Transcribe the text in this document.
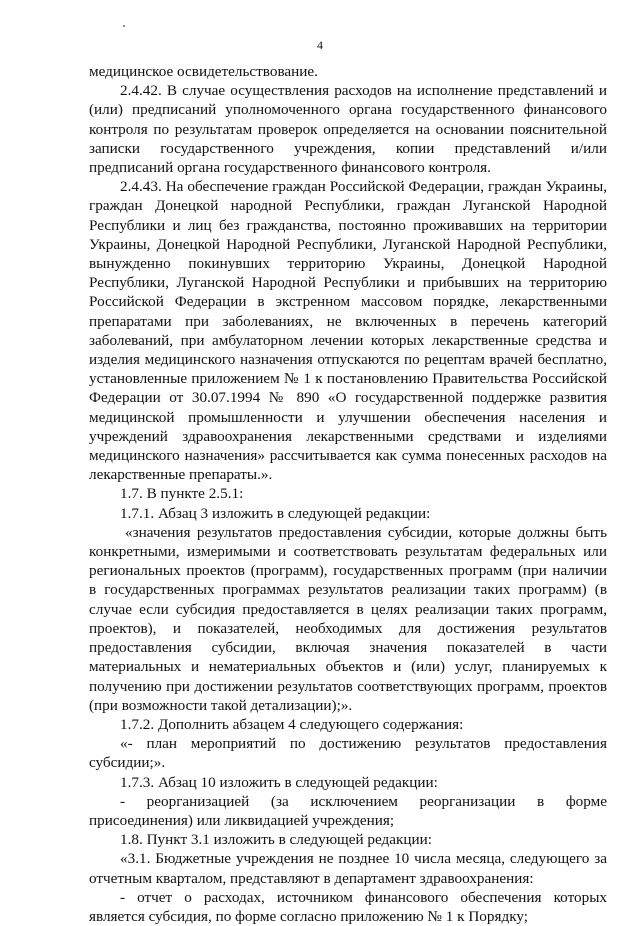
4

медицинское освидетельствование.

2.4.42. В случае осуществления расходов на исполнение представлений и (или) предписаний уполномоченного органа государственного финансового контроля по результатам проверок определяется на основании пояснительной записки государственного учреждения, копии представлений и/или предписаний органа государственного финансового контроля.

2.4.43. На обеспечение граждан Российской Федерации, граждан Украины, граждан Донецкой народной Республики, граждан Луганской Народной Республики и лиц без гражданства, постоянно проживавших на территории Украины, Донецкой Народной Республики, Луганской Народной Республики, вынужденно покинувших территорию Украины, Донецкой Народной Республики, Луганской Народной Республики и прибывших на территорию Российской Федерации в экстренном массовом порядке, лекарственными препаратами при заболеваниях, не включенных в перечень категорий заболеваний, при амбулаторном лечении которых лекарственные средства и изделия медицинского назначения отпускаются по рецептам врачей бесплатно, установленные приложением № 1 к постановлению Правительства Российской Федерации от 30.07.1994 № 890 «О государственной поддержке развития медицинской промышленности и улучшении обеспечения населения и учреждений здравоохранения лекарственными средствами и изделиями медицинского назначения» рассчитывается как сумма понесенных расходов на лекарственные препараты.».

1.7. В пункте 2.5.1:

1.7.1. Абзац 3 изложить в следующей редакции:

«значения результатов предоставления субсидии, которые должны быть конкретными, измеримыми и соответствовать результатам федеральных или региональных проектов (программ), государственных программ (при наличии в государственных программах результатов реализации таких программ) (в случае если субсидия предоставляется в целях реализации таких программ, проектов), и показателей, необходимых для достижения результатов предоставления субсидии, включая значения показателей в части материальных и нематериальных объектов и (или) услуг, планируемых к получению при достижении результатов соответствующих программ, проектов (при возможности такой детализации);».

1.7.2. Дополнить абзацем 4 следующего содержания:

«- план мероприятий по достижению результатов предоставления субсидии;».

1.7.3. Абзац 10 изложить в следующей редакции:

- реорганизацией (за исключением реорганизации в форме присоединения) или ликвидацией учреждения;

1.8. Пункт 3.1 изложить в следующей редакции:

«3.1. Бюджетные учреждения не позднее 10 числа месяца, следующего за отчетным кварталом, представляют в департамент здравоохранения:

- отчет о расходах, источником финансового обеспечения которых является субсидия, по форме согласно приложению № 1 к Порядку;
